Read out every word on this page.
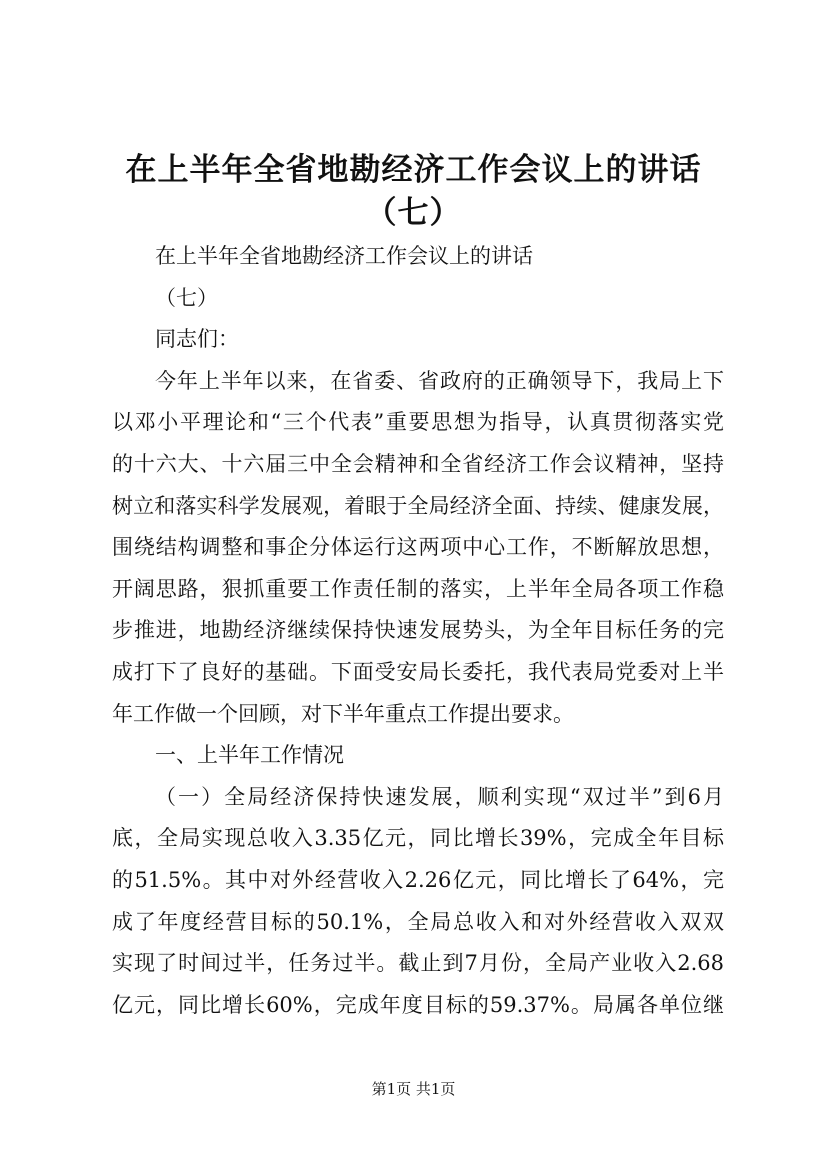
在上半年全省地勘经济工作会议上的讲话
（七）
在上半年全省地勘经济工作会议上的讲话
（七）
同志们：
今年上半年以来，在省委、省政府的正确领导下，我局上下
以邓小平理论和“三个代表”重要思想为指导，认真贯彻落实党
的十六大、十六届三中全会精神和全省经济工作会议精神，坚持
树立和落实科学发展观，着眼于全局经济全面、持续、健康发展，
围绕结构调整和事企分体运行这两项中心工作，不断解放思想，
开阔思路，狠抓重要工作责任制的落实，上半年全局各项工作稳
步推进，地勘经济继续保持快速发展势头，为全年目标任务的完
成打下了良好的基础。下面受安局长委托，我代表局党委对上半
年工作做一个回顾，对下半年重点工作提出要求。
一、上半年工作情况
（一）全局经济保持快速发展，顺利实现“双过半”到6月
底，全局实现总收入3.35亿元，同比增长39%，完成全年目标
的51.5%。其中对外经营收入2.26亿元，同比增长了64%，完
成了年度经营目标的50.1%，全局总收入和对外经营收入双双
实现了时间过半，任务过半。截止到7月份，全局产业收入2.68
亿元，同比增长60%，完成年度目标的59.37%。局属各单位继
第1页 共1页
